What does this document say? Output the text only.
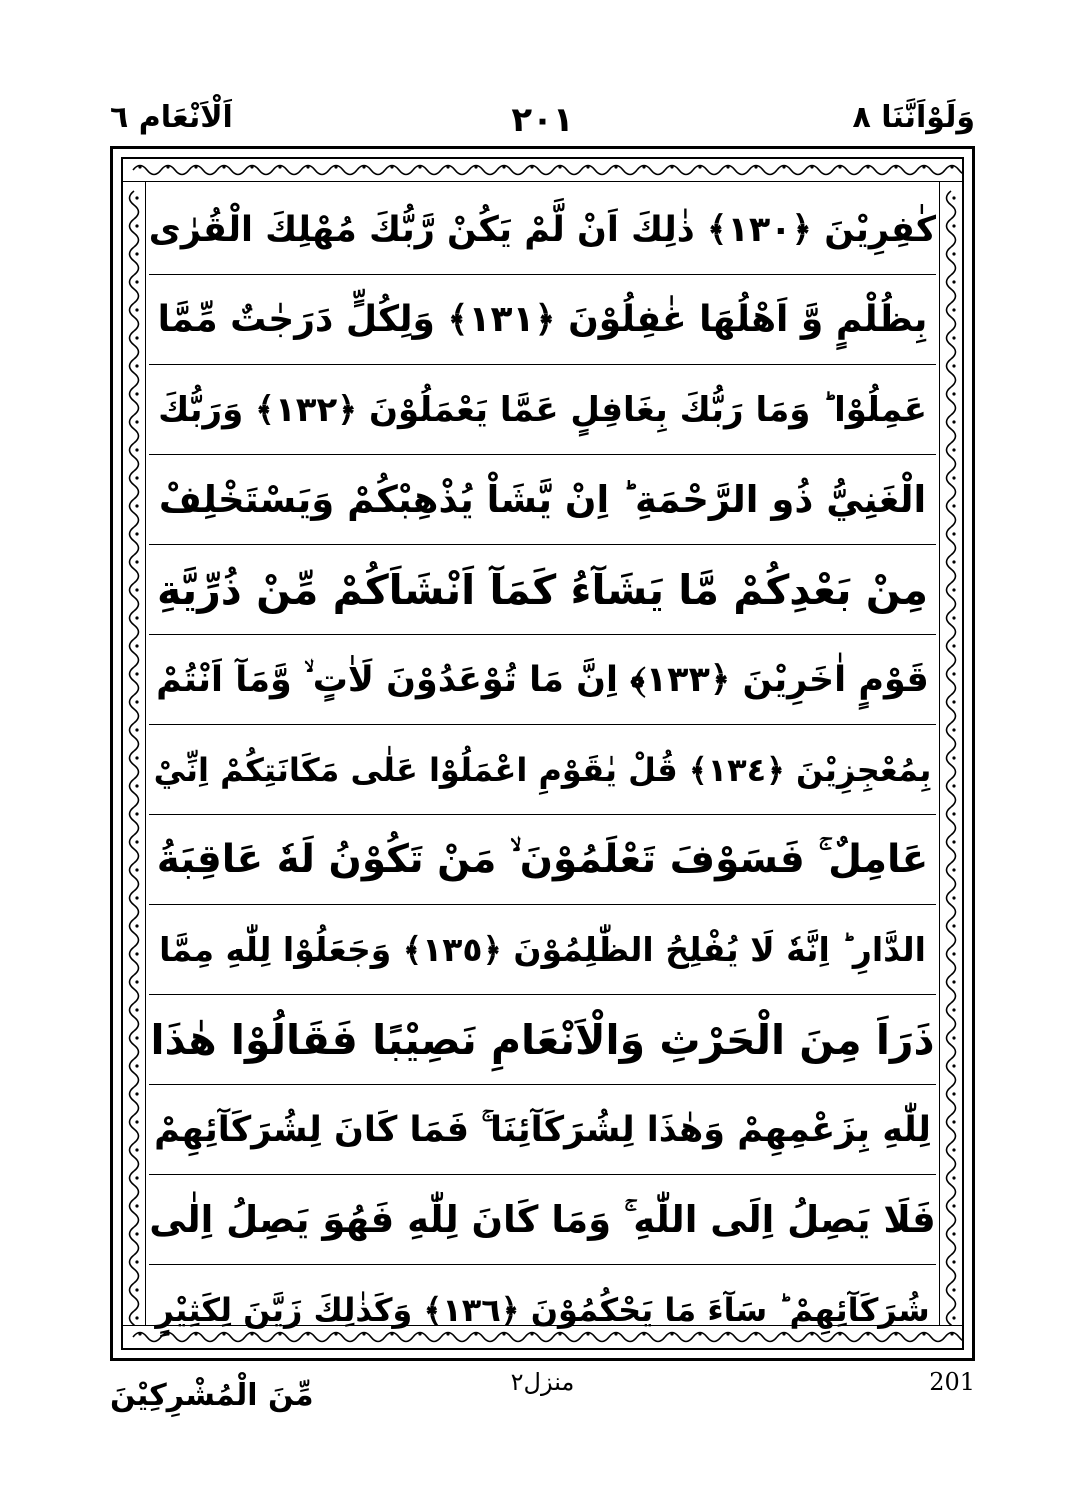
وَلَوْاَنَّنَا ٨
٢٠١
اَلْاَنْعَام ٦
كٰفِرِيْنَ ﴿١٣٠﴾ ذٰلِكَ اَنْ لَّمْ يَكُنْ رَّبُّكَ مُهْلِكَ الْقُرٰى
بِظُلْمٍ وَّ اَهْلُهَا غٰفِلُوْنَ ﴿١٣١﴾ وَلِكُلٍّ دَرَجٰتٌ مِّمَّا
عَمِلُوْا ؕ وَمَا رَبُّكَ بِغَافِلٍ عَمَّا يَعْمَلُوْنَ ﴿١٣٢﴾ وَرَبُّكَ
الْغَنِيُّ ذُو الرَّحْمَةِ ؕ اِنْ يَّشَاْ يُذْهِبْكُمْ وَيَسْتَخْلِفْ
مِنْ بَعْدِكُمْ مَّا يَشَآءُ كَمَآ اَنْشَاَكُمْ مِّنْ ذُرِّيَّةِ
قَوْمٍ اٰخَرِيْنَ ﴿١٣٣﴾ اِنَّ مَا تُوْعَدُوْنَ لَاٰتٍ ۙ وَّمَآ اَنْتُمْ
بِمُعْجِزِيْنَ ﴿١٣٤﴾ قُلْ يٰقَوْمِ اعْمَلُوْا عَلٰى مَكَانَتِكُمْ اِنِّيْ
عَامِلٌ ۚ فَسَوْفَ تَعْلَمُوْنَ ۙ مَنْ تَكُوْنُ لَهٗ عَاقِبَةُ
الدَّارِ ؕ اِنَّهٗ لَا يُفْلِحُ الظّٰلِمُوْنَ ﴿١٣٥﴾ وَجَعَلُوْا لِلّٰهِ مِمَّا
ذَرَاَ مِنَ الْحَرْثِ وَالْاَنْعَامِ نَصِيْبًا فَقَالُوْا هٰذَا
لِلّٰهِ بِزَعْمِهِمْ وَهٰذَا لِشُرَكَآئِنَا ۚ فَمَا كَانَ لِشُرَكَآئِهِمْ
فَلَا يَصِلُ اِلَى اللّٰهِ ۚ وَمَا كَانَ لِلّٰهِ فَهُوَ يَصِلُ اِلٰى
شُرَكَآئِهِمْ ؕ سَآءَ مَا يَحْكُمُوْنَ ﴿١٣٦﴾ وَكَذٰلِكَ زَيَّنَ لِكَثِيْرٍ
مِّنَ الْمُشْرِكِيْنَ	منزل٢	201
